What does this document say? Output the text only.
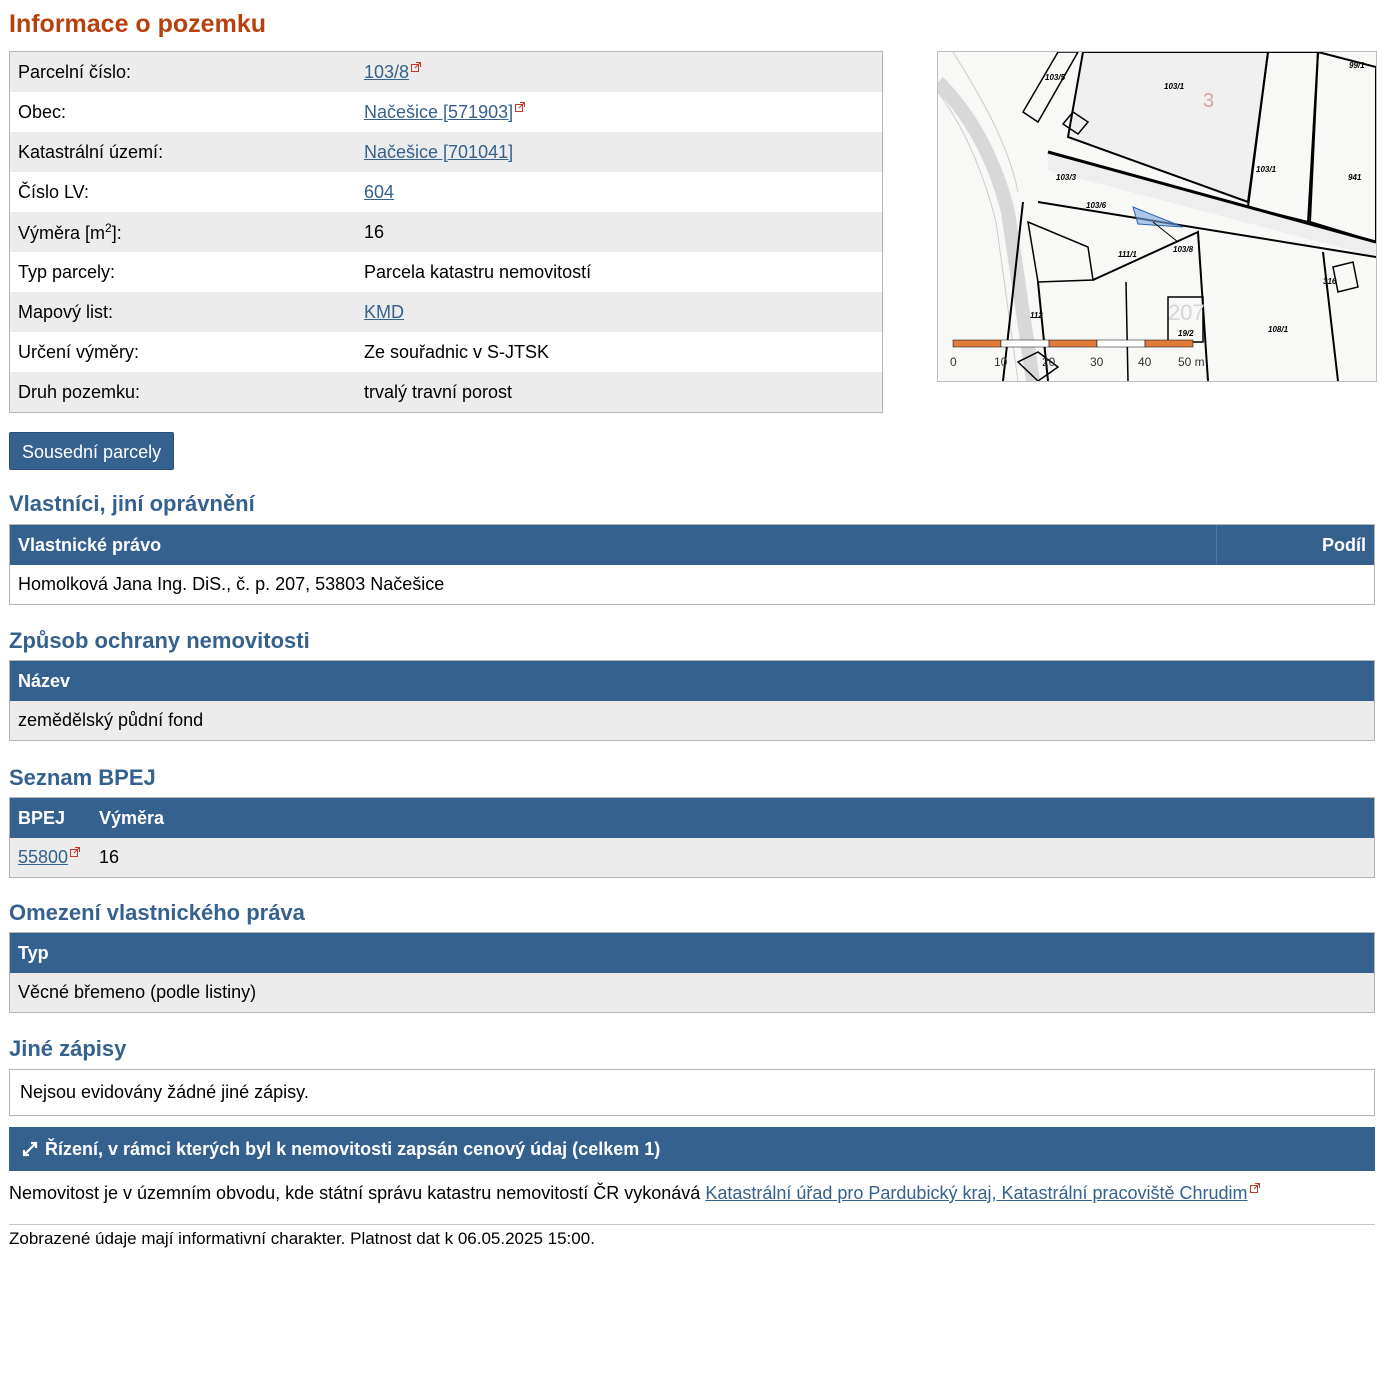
Informace o pozemku
Parcelní číslo:	103/8
Obec:	Načešice [571903]
Katastrální území:	Načešice [701041]
Číslo LV:	604
Výměra $[m^2]$:	16
Typ parcely:	Parcela katastru nemovitostí
Mapový list:	KMD
Určení výměry:	Ze souřadnic v S-JTSK
Druh pozemku:	trvalý travní porost
103/5
103/1
99/1
103/1
941
103/3
103/6
103/8
111/1
112
19/2	108/1
316
3
207
0	10	20	30	40 50 m
Sousední parcely
Vlastníci, jiní oprávnění
Vlastnické právo	Podíl
Homolková Jana Ing. DiS., č. p. 207, 53803 Načešice
Způsob ochrany nemovitosti
Název
zemědělský půdní fond
Seznam BPEJ
BPEJ	Výměra
55800	16
Omezení vlastnického práva
Typ
Věcné břemeno (podle listiny)
Jiné zápisy
Nejsou evidovány žádné jiné zápisy.
Řízení, v rámci kterých byl k nemovitosti zapsán cenový údaj (celkem 1)
Nemovitost je v územním obvodu, kde státní správu katastru nemovitostí ČR vykonává Katastrální úřad pro Pardubický kraj, Katastrální pracoviště Chrudim
Zobrazené údaje mají informativní charakter. Platnost dat k 06.05.2025 15:00.
